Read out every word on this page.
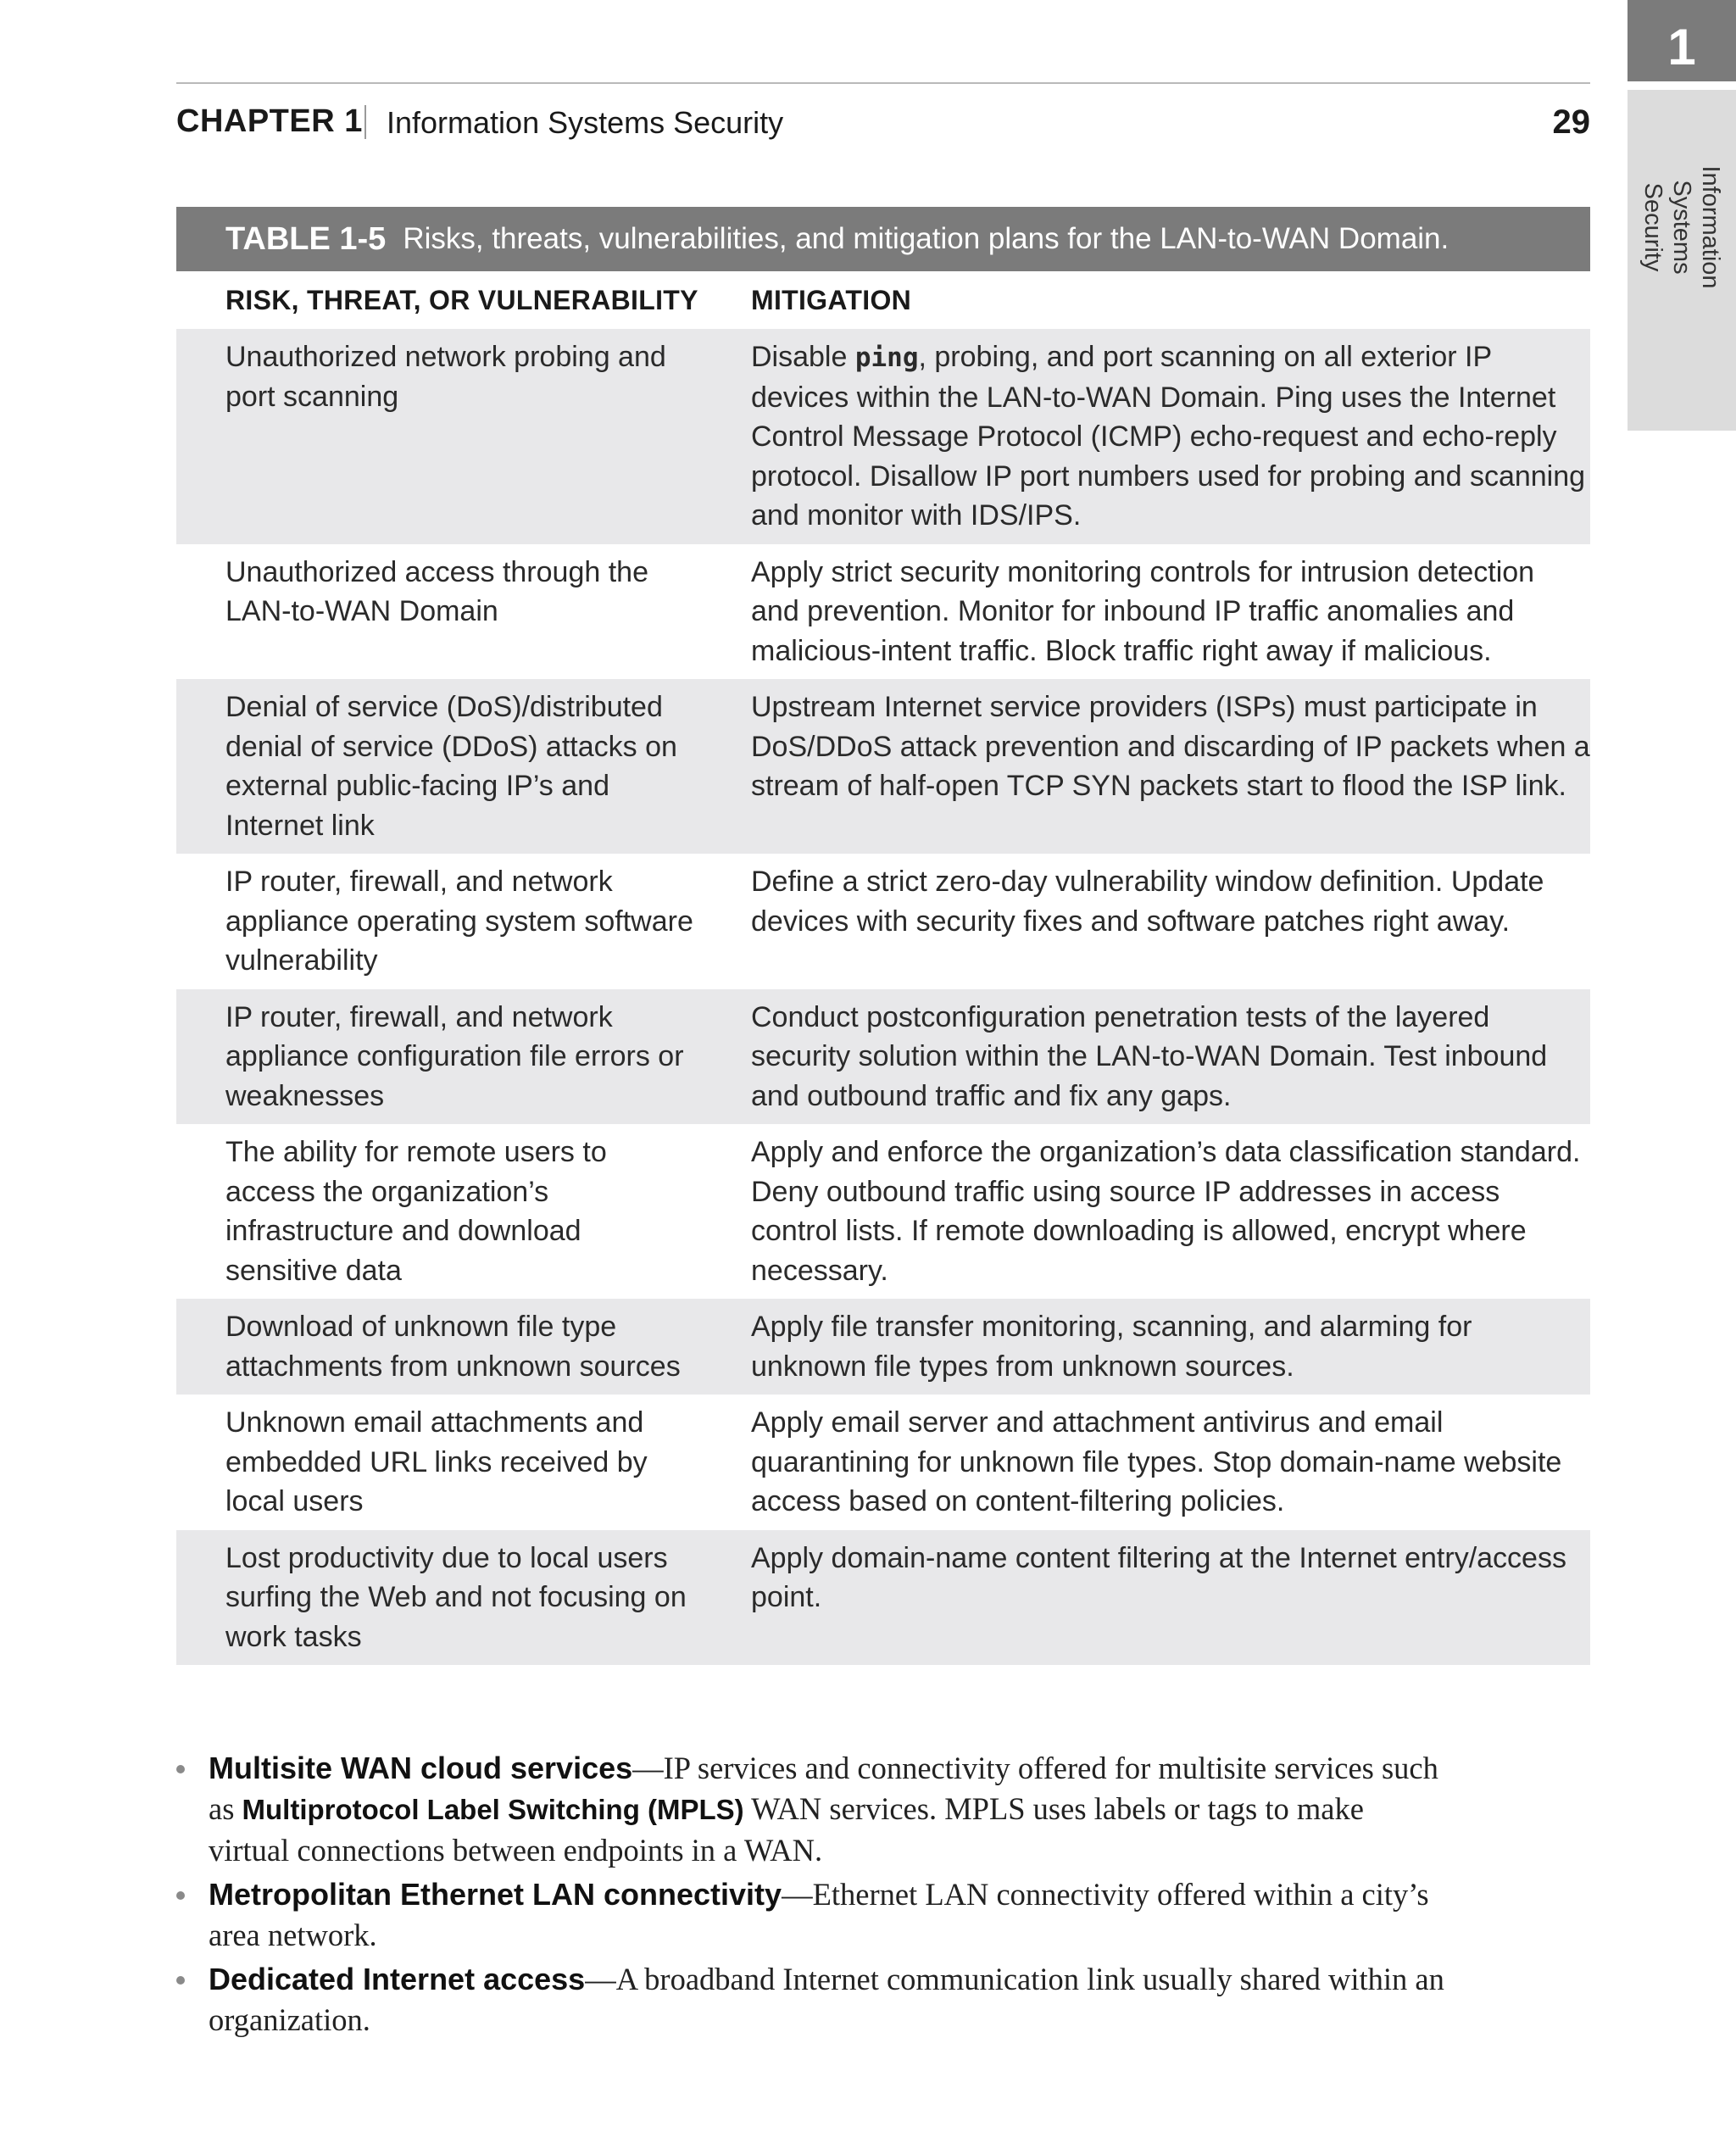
CHAPTER 1 Information Systems Security	29
1
Information Systems
Security
TABLE 1-5 Risks, threats, vulnerabilities, and mitigation plans for the LAN-to-WAN Domain.
RISK, THREAT, OR VULNERABILITY	MITIGATION
Unauthorized network probing and port scanning
Disable ping, probing, and port scanning on all exterior IP devices within the LAN-to-WAN Domain. Ping uses the Internet Control Message Protocol (ICMP) echo-request and echo-reply protocol. Disallow IP port numbers used for probing and scanning and monitor with IDS/IPS.
Unauthorized access through the LAN-to-WAN Domain
Apply strict security monitoring controls for intrusion detection and prevention. Monitor for inbound IP traffic anomalies and malicious-intent traffic. Block traffic right away if malicious.
Denial of service (DoS)/distributed denial of service (DDoS) attacks on external public-facing IP’s and Internet link
Upstream Internet service providers (ISPs) must participate in DoS/DDoS attack prevention and discarding of IP packets when a stream of half-open TCP SYN packets start to flood the ISP link.
IP router, firewall, and network appliance operating system software vulnerability
Define a strict zero-day vulnerability window definition. Update devices with security fixes and software patches right away.
IP router, firewall, and network appliance configuration file errors or weaknesses
Conduct postconfiguration penetration tests of the layered security solution within the LAN-to-WAN Domain. Test inbound and outbound traffic and fix any gaps.
The ability for remote users to access the organization’s infrastructure and download sensitive data
Apply and enforce the organization’s data classification standard. Deny outbound traffic using source IP addresses in access control lists. If remote downloading is allowed, encrypt where necessary.
Download of unknown file type attachments from unknown sources
Apply file transfer monitoring, scanning, and alarming for unknown file types from unknown sources.
Unknown email attachments and embedded URL links received by local users
Apply email server and attachment antivirus and email quarantining for unknown file types. Stop domain-name website access based on content-filtering policies.
Lost productivity due to local users surfing the Web and not focusing on work tasks
Apply domain-name content filtering at the Internet entry/access point.
Multisite WAN cloud services—IP services and connectivity offered for multisite services such as Multiprotocol Label Switching (MPLS) WAN services. MPLS uses labels or tags to make virtual connections between endpoints in a WAN.
Metropolitan Ethernet LAN connectivity—Ethernet LAN connectivity offered within a city’s area network.
Dedicated Internet access—A broadband Internet communication link usually shared within an organization.
